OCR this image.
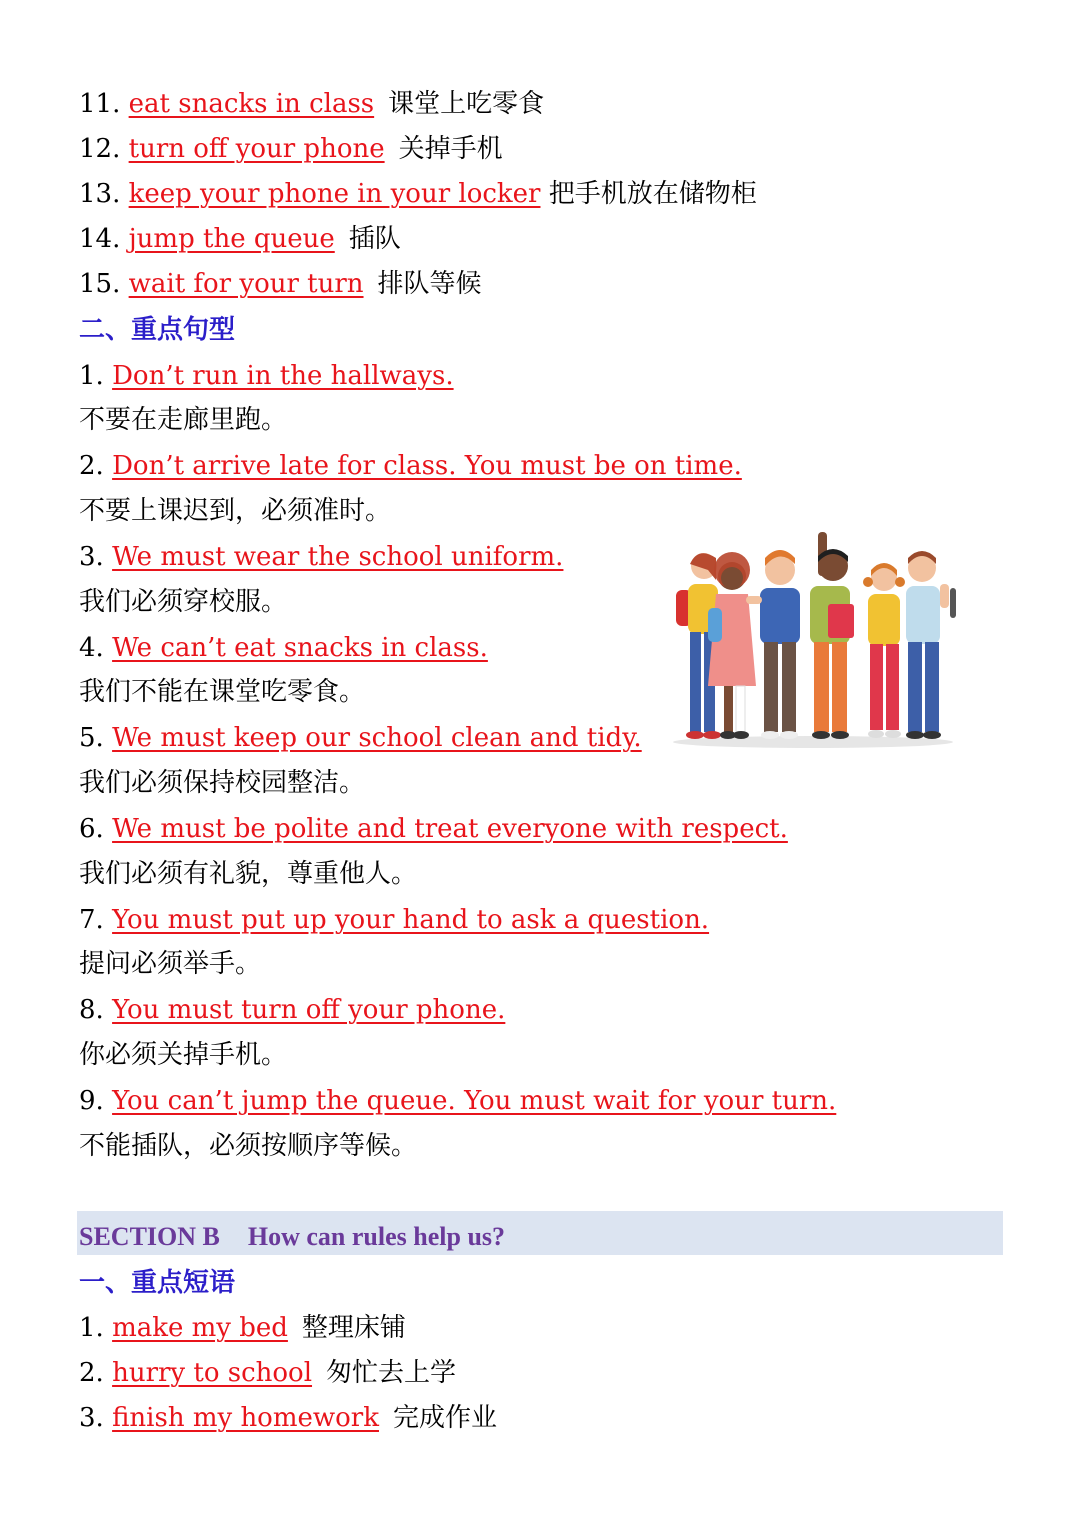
11. eat snacks in class 课堂上吃零食
12. turn off your phone 关掉手机
13. keep your phone in your locker 把手机放在储物柜
14. jump the queue 插队
15. wait for your turn 排队等候
二、重点句型
1. Don’t run in the hallways.
不要在走廊里跑。
2. Don’t arrive late for class. You must be on time.
不要上课迟到，必须准时。
3. We must wear the school uniform.
我们必须穿校服。
4. We can’t eat snacks in class.
我们不能在课堂吃零食。
5. We must keep our school clean and tidy.
我们必须保持校园整洁。
6. We must be polite and treat everyone with respect.
我们必须有礼貌，尊重他人。
7. You must put up your hand to ask a question.
提问必须举手。
8. You must turn off your phone.
你必须关掉手机。
9. You can’t jump the queue. You must wait for your turn.
不能插队，必须按顺序等候。
SECTION B How can rules help us?
一、重点短语
1. make my bed 整理床铺
2. hurry to school 匆忙去上学
3. finish my homework 完成作业
